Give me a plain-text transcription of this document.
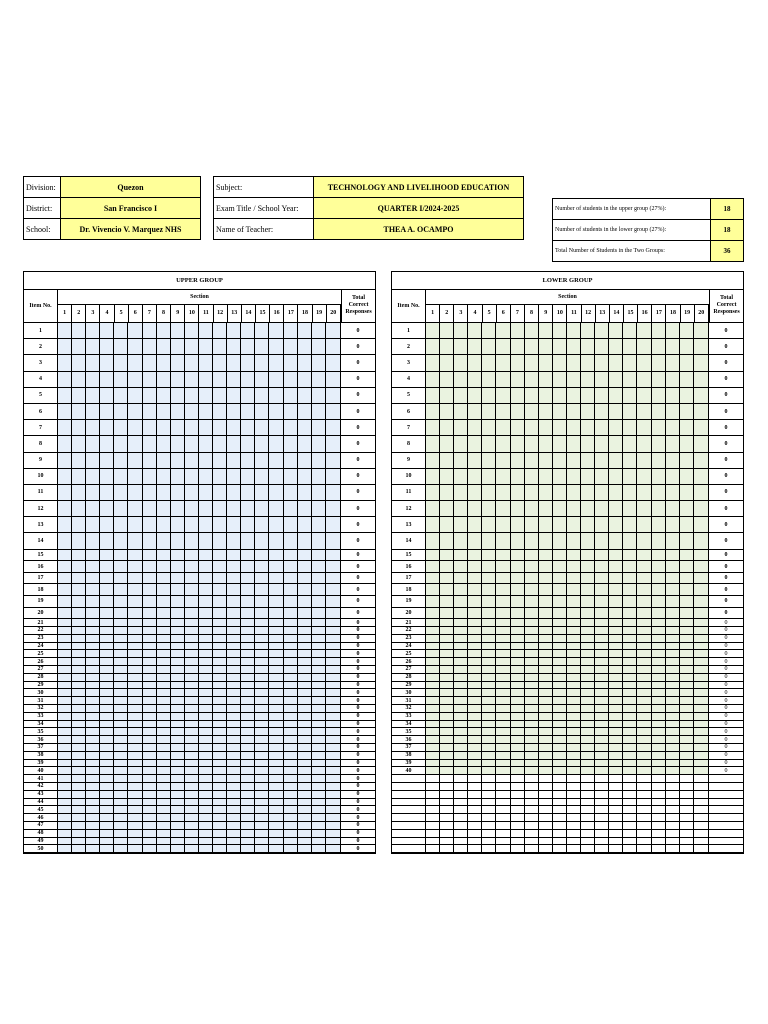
Division:	Quezon
District:	San Francisco I
School:	Dr. Vivencio V. Marquez NHS
Subject:	TECHNOLOGY AND LIVELIHOOD EDUCATION
Exam Title / School Year:	QUARTER I/2024-2025
Name of Teacher:	THEA A. OCAMPO
Number of students in the upper group (27%):	18
Number of students in the lower group (27%):	18
Total Number of Students in the Two Groups:	36
UPPER GROUP
Item No.
Section
1	2	3	4	5	6	7	8	9	10	11	12	13	14	15	16	17	18	19	20
Total
Correct
Responses
1	0
2	0
3	0
4	0
5	0
6	0
7	0
8	0
9	0
10	0
11	0
12	0
13	0
14	0
15	0
16	0
17	0
18	0
19	0
20	0
21	0
22	0
23	0
24	0
25	0
26	0
27	0
28	0
29	0
30	0
31	0
32	0
33	0
34	0
35	0
36	0
37	0
38	0
39	0
40	0
41	0
42	0
43	0
44	0
45	0
46	0
47	0
48	0
49	0
50	0
LOWER GROUP
Item No.
Section
1	2	3	4	5	6	7	8	9	10	11	12	13	14	15	16	17	18	19	20
Total
Correct
Responses
1	0
2	0
3	0
4	0
5	0
6	0
7	0
8	0
9	0
10	0
11	0
12	0
13	0
14	0
15	0
16	0
17	0
18	0
19	0
20	0
21	0
22	0
23	0
24	0
25	0
26	0
27	0
28	0
29	0
30	0
31	0
32	0
33	0
34	0
35	0
36	0
37	0
38	0
39	0
40	0
